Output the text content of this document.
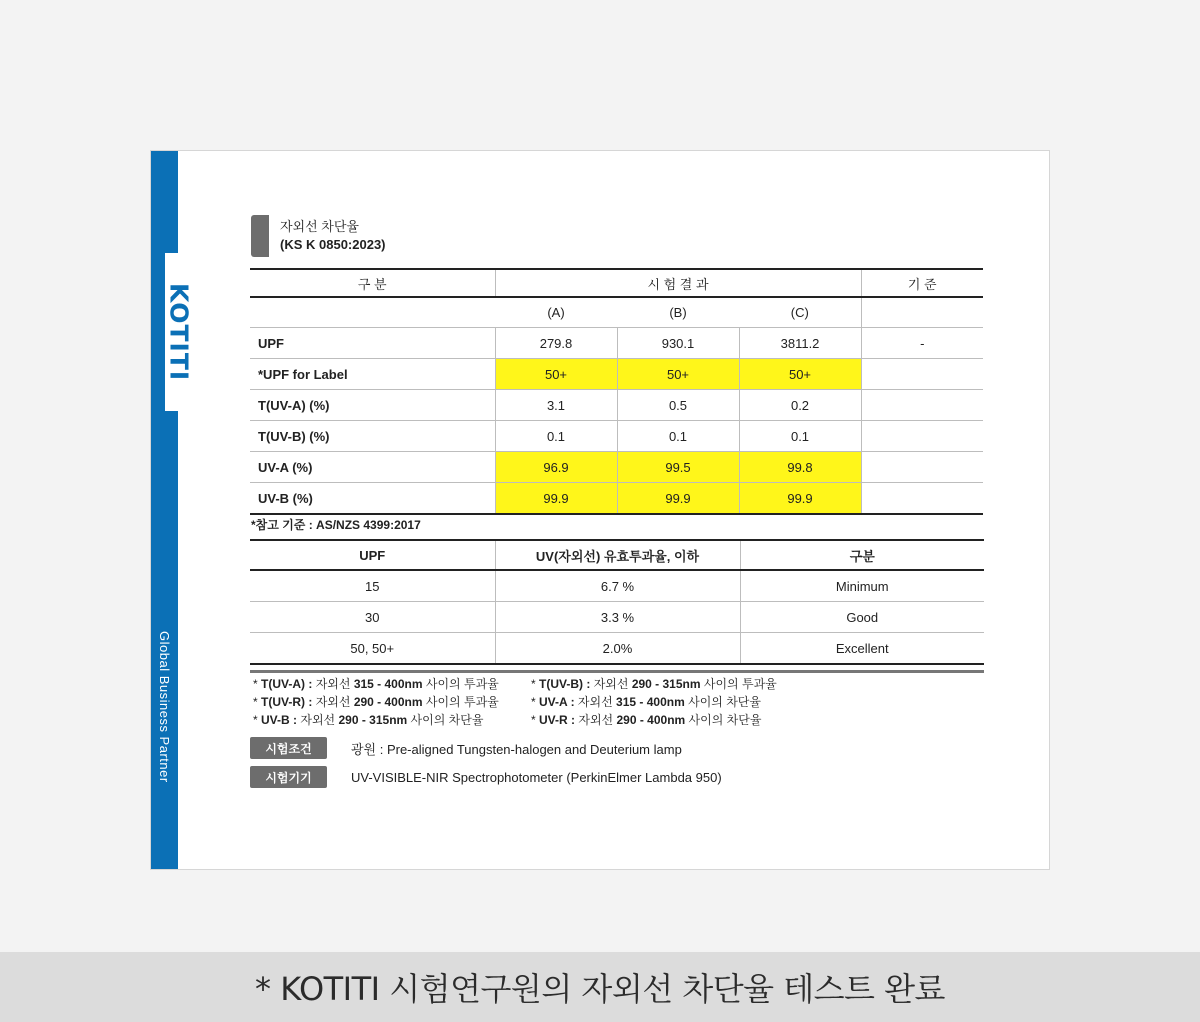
Global Business Partner
KOTITI
자외선 차단율
(KS K 0850:2023)
구 분	시 험 결 과			기 준
	(A)	(B)	(C)	
UPF	279.8	930.1	3811.2	-
*UPF for Label	50+	50+	50+	
T(UV-A) (%)	3.1	0.5	0.2	
T(UV-B) (%)	0.1	0.1	0.1	
UV-A (%)	96.9	99.5	99.8	
UV-B (%)	99.9	99.9	99.9	
*참고 기준 : AS/NZS 4399:2017
UPF	UV(자외선) 유효투과율, 이하	구분
15	6.7 %	Minimum
30	3.3 %	Good
50, 50+	2.0%	Excellent
* T(UV-A) : 자외선 315 - 400nm 사이의 투과율	* T(UV-B) : 자외선 290 - 315nm 사이의 투과율
* T(UV-R) : 자외선 290 - 400nm 사이의 투과율	* UV-A : 자외선 315 - 400nm 사이의 차단율
* UV-B : 자외선 290 - 315nm 사이의 차단율	* UV-R : 자외선 290 - 400nm 사이의 차단율
시험조건	광원 : Pre-aligned Tungsten-halogen and Deuterium lamp
시험기기	UV-VISIBLE-NIR Spectrophotometer (PerkinElmer Lambda 950)
* KOTITI 시험연구원의 자외선 차단율 테스트 완료
